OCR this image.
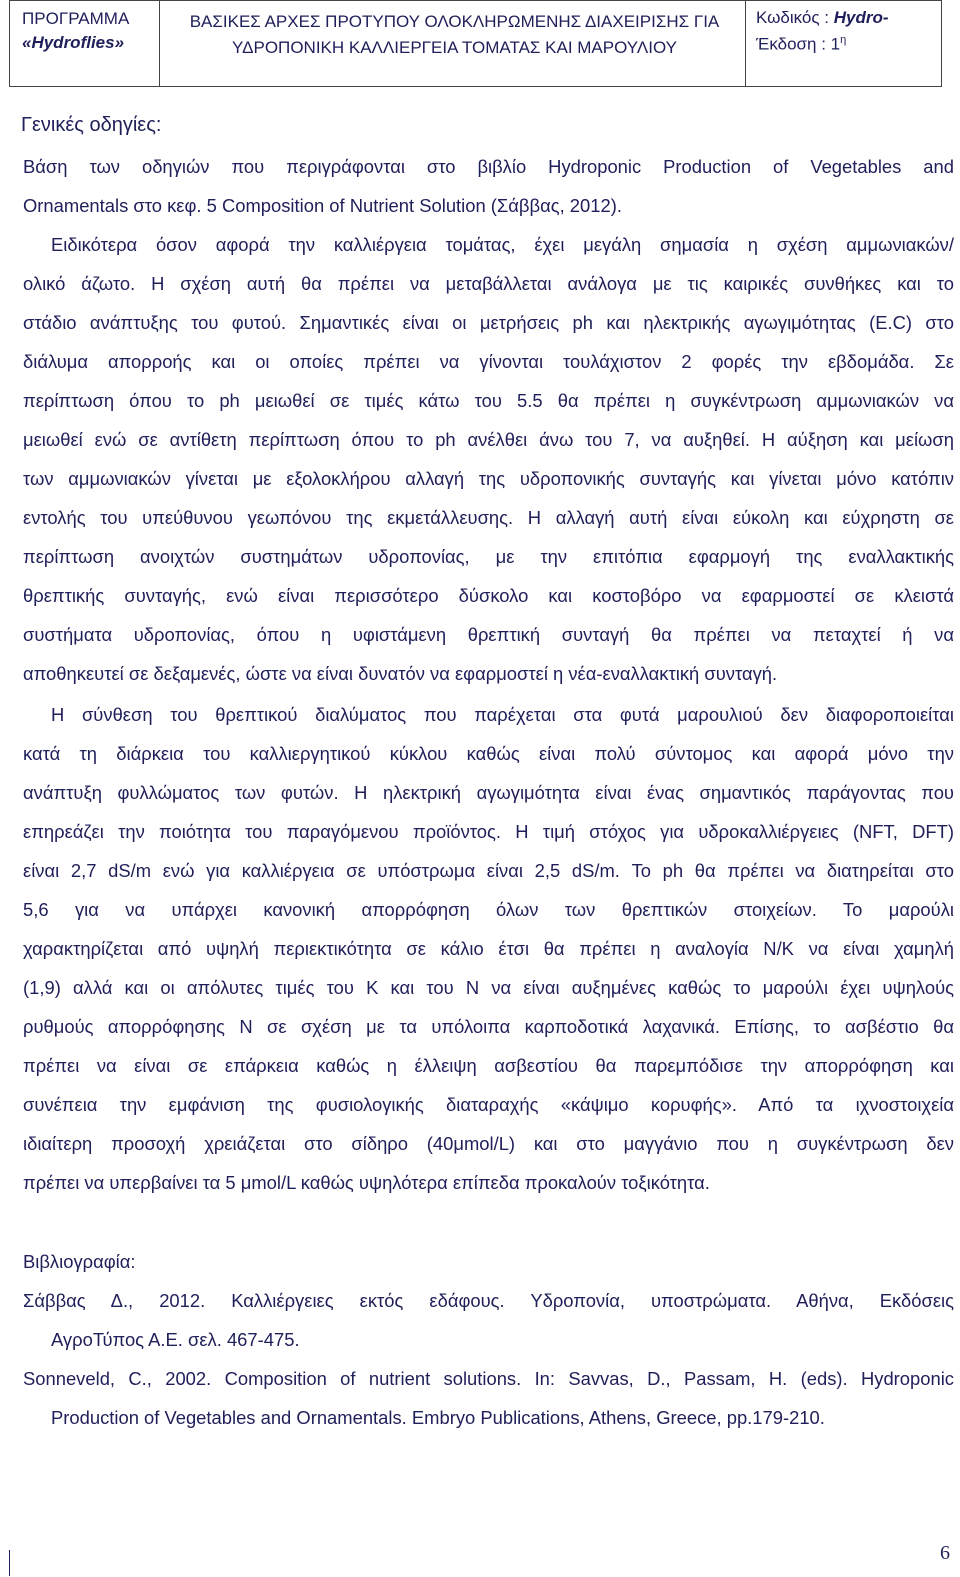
ΠΡΟΓΡΑΜΜΑ
«Hydroflies»
ΒΑΣΙΚΕΣ ΑΡΧΕΣ ΠΡΟΤΥΠΟΥ ΟΛΟΚΛΗΡΩΜΕΝΗΣ ΔΙΑΧΕΙΡΙΣΗΣ ΓΙΑ
ΥΔΡΟΠΟΝΙΚΗ ΚΑΛΛΙΕΡΓΕΙΑ ΤΟΜΑΤΑΣ ΚΑΙ ΜΑΡΟΥΛΙΟΥ
Κωδικός : Hydro-
Έκδοση : $1^\eta$
Γενικές οδηγίες:
Βάση των οδηγιών που περιγράφονται στο βιβλίο Hydroponic Production of Vegetables and
Ornamentals στο κεφ. 5 Composition of Nutrient Solution (Σάββας, 2012).
Ειδικότερα όσον αφορά την καλλιέργεια τομάτας, έχει μεγάλη σημασία η σχέση αμμωνιακών/
ολικό άζωτο. Η σχέση αυτή θα πρέπει να μεταβάλλεται ανάλογα με τις καιρικές συνθήκες και το
στάδιο ανάπτυξης του φυτού. Σημαντικές είναι οι μετρήσεις ph και ηλεκτρικής αγωγιμότητας (E.C) στο
διάλυμα απορροής και οι οποίες πρέπει να γίνονται τουλάχιστον 2 φορές την εβδομάδα. Σε
περίπτωση όπου το ph μειωθεί σε τιμές κάτω του 5.5 θα πρέπει η συγκέντρωση αμμωνιακών να
μειωθεί ενώ σε αντίθετη περίπτωση όπου το ph ανέλθει άνω του 7, να αυξηθεί. Η αύξηση και μείωση
των αμμωνιακών γίνεται με εξολοκλήρου αλλαγή της υδροπονικής συνταγής και γίνεται μόνο κατόπιν
εντολής του υπεύθυνου γεωπόνου της εκμετάλλευσης. Η αλλαγή αυτή είναι εύκολη και εύχρηστη σε
περίπτωση ανοιχτών συστημάτων υδροπονίας, με την επιτόπια εφαρμογή της εναλλακτικής
θρεπτικής συνταγής, ενώ είναι περισσότερο δύσκολο και κοστοβόρο να εφαρμοστεί σε κλειστά
συστήματα υδροπονίας, όπου η υφιστάμενη θρεπτική συνταγή θα πρέπει να πεταχτεί ή να
αποθηκευτεί σε δεξαμενές, ώστε να είναι δυνατόν να εφαρμοστεί η νέα-εναλλακτική συνταγή.
Η σύνθεση του θρεπτικού διαλύματος που παρέχεται στα φυτά μαρουλιού δεν διαφοροποιείται
κατά τη διάρκεια του καλλιεργητικού κύκλου καθώς είναι πολύ σύντομος και αφορά μόνο την
ανάπτυξη φυλλώματος των φυτών. Η ηλεκτρική αγωγιμότητα είναι ένας σημαντικός παράγοντας που
επηρεάζει την ποιότητα του παραγόμενου προϊόντος. Η τιμή στόχος για υδροκαλλιέργειες (NFT, DFT)
είναι 2,7 dS/m ενώ για καλλιέργεια σε υπόστρωμα είναι 2,5 dS/m. Το ph θα πρέπει να διατηρείται στο
5,6 για να υπάρχει κανονική απορρόφηση όλων των θρεπτικών στοιχείων. Το μαρούλι
χαρακτηρίζεται από υψηλή περιεκτικότητα σε κάλιο έτσι θα πρέπει η αναλογία N/K να είναι χαμηλή
(1,9) αλλά και οι απόλυτες τιμές του Κ και του Ν να είναι αυξημένες καθώς το μαρούλι έχει υψηλούς
ρυθμούς απορρόφησης Ν σε σχέση με τα υπόλοιπα καρποδοτικά λαχανικά. Επίσης, το ασβέστιο θα
πρέπει να είναι σε επάρκεια καθώς η έλλειψη ασβεστίου θα παρεμπόδισε την απορρόφηση και
συνέπεια την εμφάνιση της φυσιολογικής διαταραχής «κάψιμο κορυφής». Από τα ιχνοστοιχεία
ιδιαίτερη προσοχή χρειάζεται στο σίδηρο (40μmol/L) και στο μαγγάνιο που η συγκέντρωση δεν
πρέπει να υπερβαίνει τα 5 μmol/L καθώς υψηλότερα επίπεδα προκαλούν τοξικότητα.
Βιβλιογραφία:
Σάββας Δ., 2012. Καλλιέργειες εκτός εδάφους. Υδροπονία, υποστρώματα. Αθήνα, Εκδόσεις
ΑγροΤύπος Α.Ε. σελ. 467-475.
Sonneveld, C., 2002. Composition of nutrient solutions. In: Savvas, D., Passam, H. (eds). Hydroponic
Production of Vegetables and Ornamentals. Embryo Publications, Athens, Greece, pp.179-210.
6
